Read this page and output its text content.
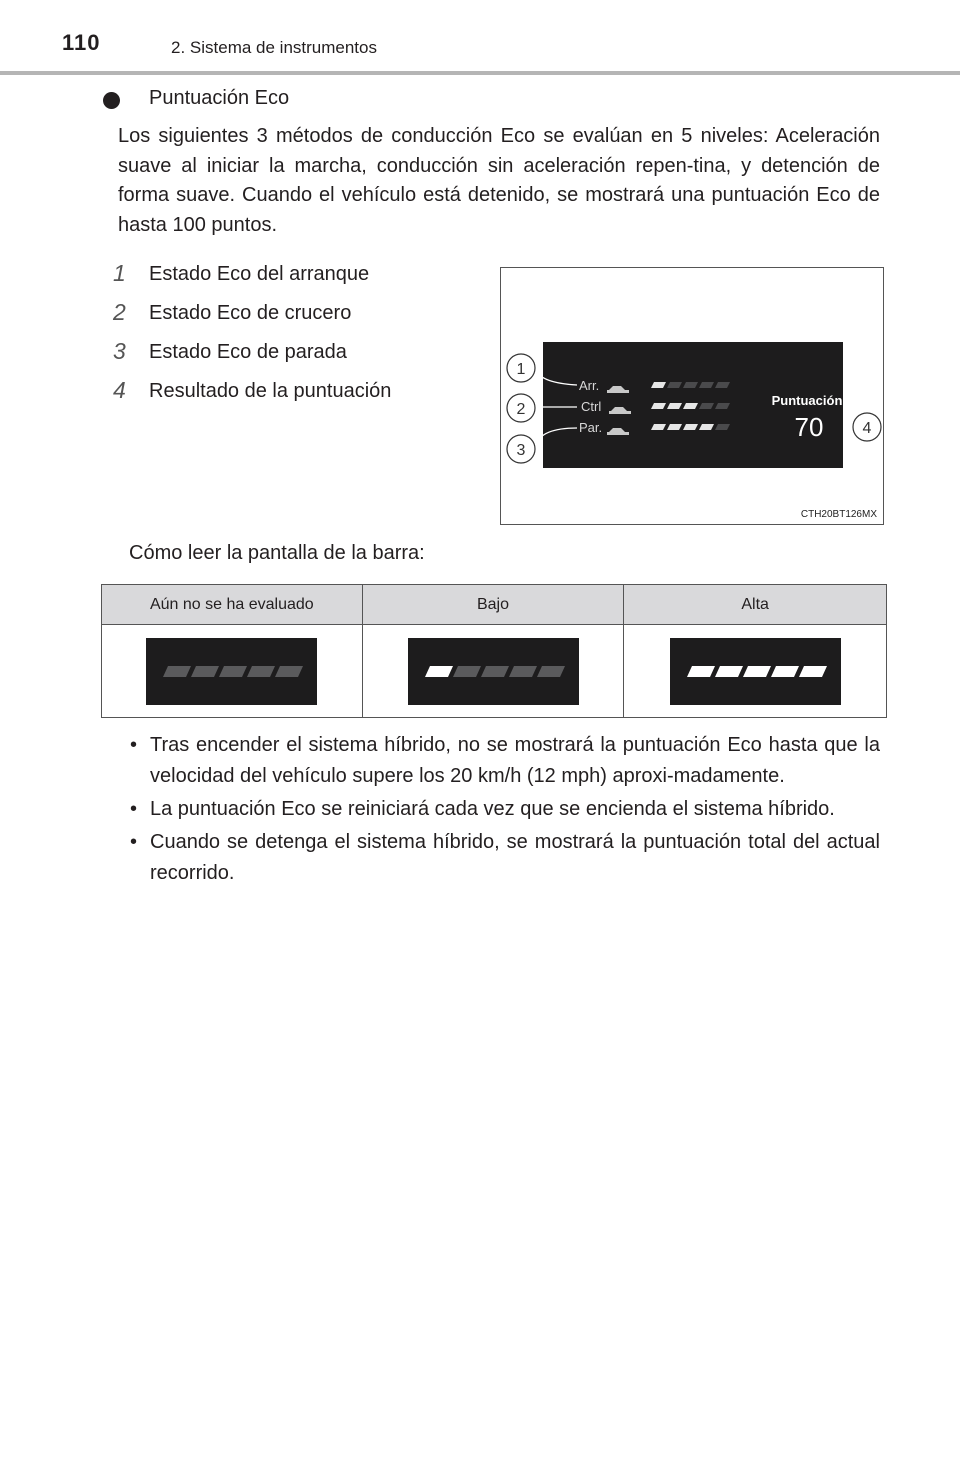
110	2. Sistema de instrumentos
Puntuación Eco
Los siguientes 3 métodos de conducción Eco se evalúan en 5 niveles: Aceleración suave al iniciar la marcha, conducción sin aceleración repen-tina, y detención de forma suave. Cuando el vehículo está detenido, se mostrará una puntuación Eco de hasta 100 puntos.
1 Estado Eco del arranque
2 Estado Eco de crucero
3 Estado Eco de parada
4 Resultado de la puntuación	Arr.
Ctrl
Par.
Puntuación
70
1
2
3
4
CTH20BT126MX
Cómo leer la pantalla de la barra:
Aún no se ha evaluado	Bajo	Alta

• Tras encender el sistema híbrido, no se mostrará la puntuación Eco hasta que la velocidad del vehículo supere los 20 km/h (12 mph) aproxi-madamente.
• La puntuación Eco se reiniciará cada vez que se encienda el sistema híbrido.
• Cuando se detenga el sistema híbrido, se mostrará la puntuación total del actual recorrido.
